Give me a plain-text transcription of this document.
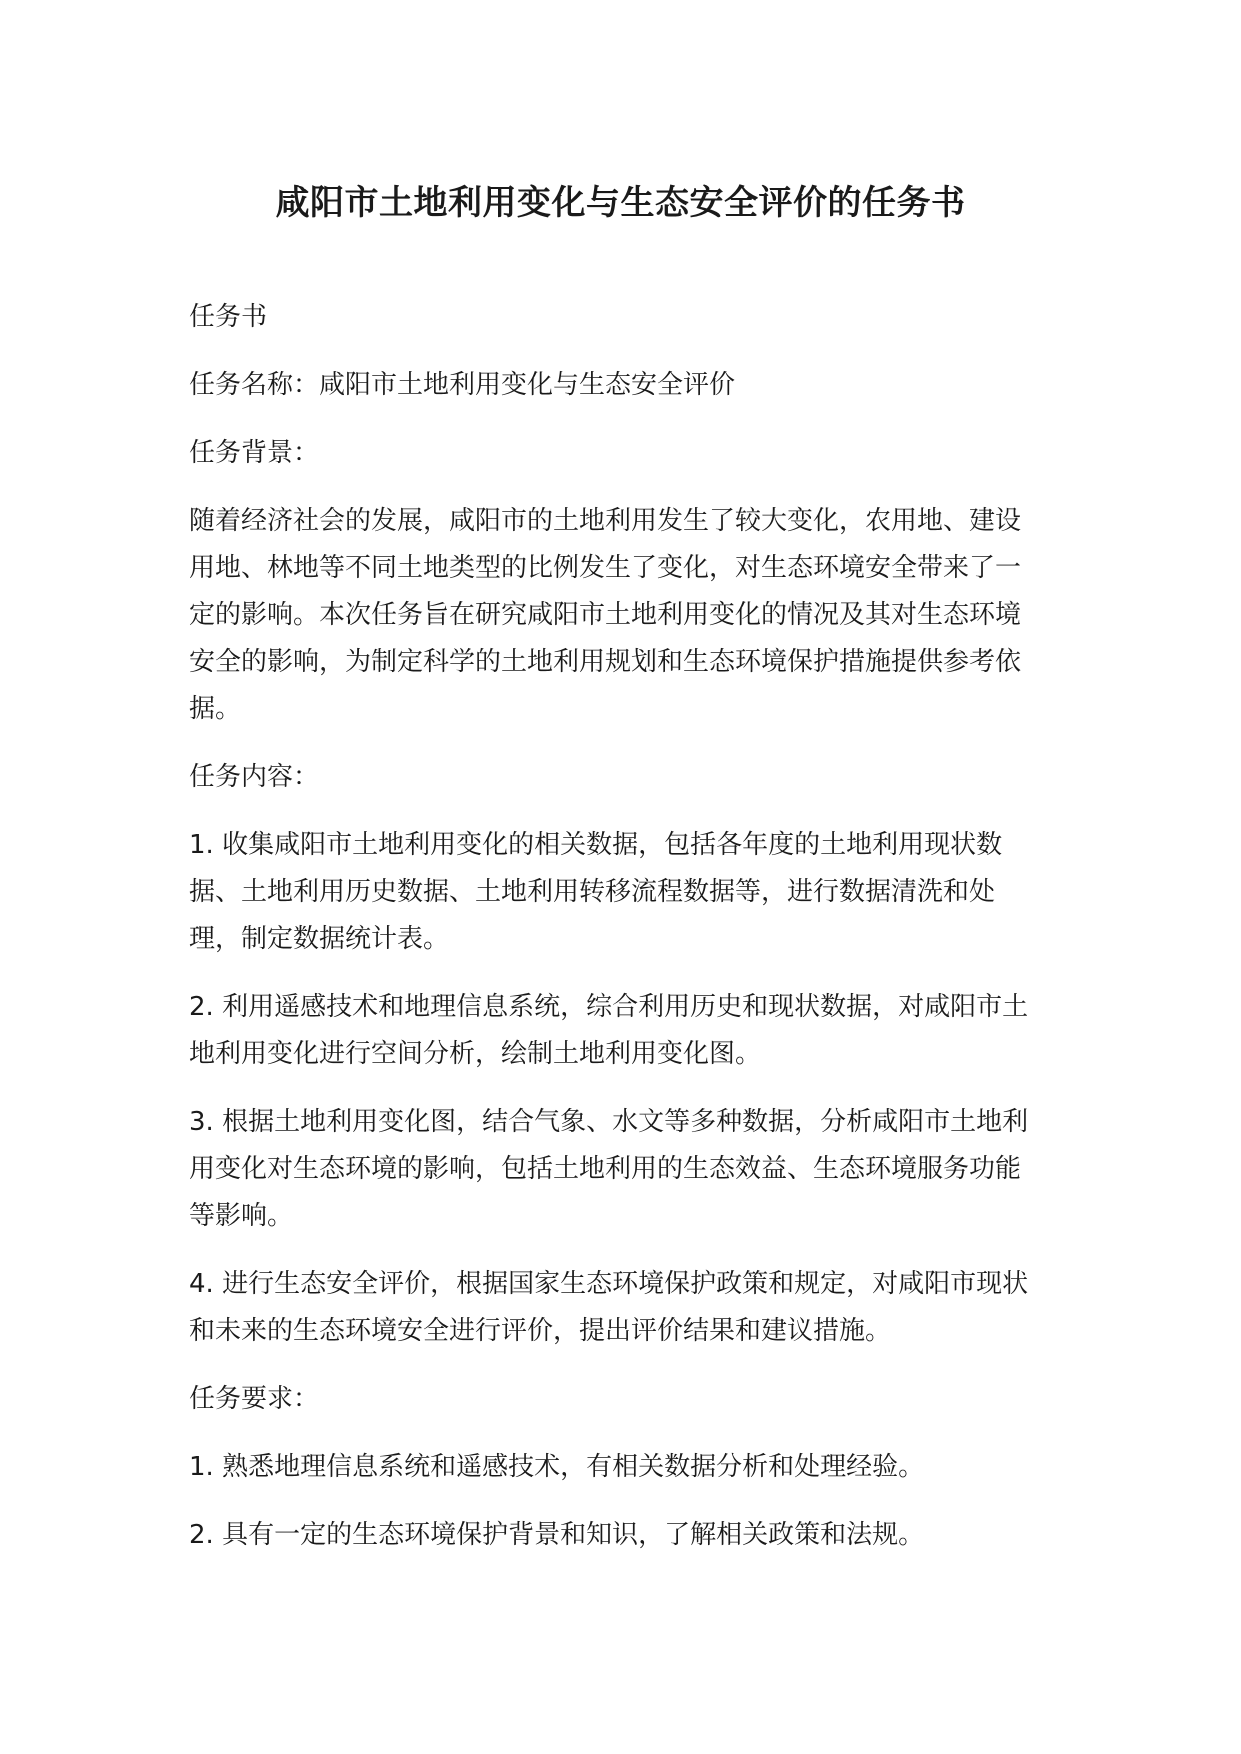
咸阳市土地利用变化与生态安全评价的任务书

任务书

任务名称：咸阳市土地利用变化与生态安全评价

任务背景：

随着经济社会的发展，咸阳市的土地利用发生了较大变化，农用地、建设用地、林地等不同土地类型的比例发生了变化，对生态环境安全带来了一定的影响。本次任务旨在研究咸阳市土地利用变化的情况及其对生态环境安全的影响，为制定科学的土地利用规划和生态环境保护措施提供参考依据。

任务内容：

1. 收集咸阳市土地利用变化的相关数据，包括各年度的土地利用现状数据、土地利用历史数据、土地利用转移流程数据等，进行数据清洗和处理，制定数据统计表。

2. 利用遥感技术和地理信息系统，综合利用历史和现状数据，对咸阳市土地利用变化进行空间分析，绘制土地利用变化图。

3. 根据土地利用变化图，结合气象、水文等多种数据，分析咸阳市土地利用变化对生态环境的影响，包括土地利用的生态效益、生态环境服务功能等影响。

4. 进行生态安全评价，根据国家生态环境保护政策和规定，对咸阳市现状和未来的生态环境安全进行评价，提出评价结果和建议措施。

任务要求：

1. 熟悉地理信息系统和遥感技术，有相关数据分析和处理经验。

2. 具有一定的生态环境保护背景和知识，了解相关政策和法规。
